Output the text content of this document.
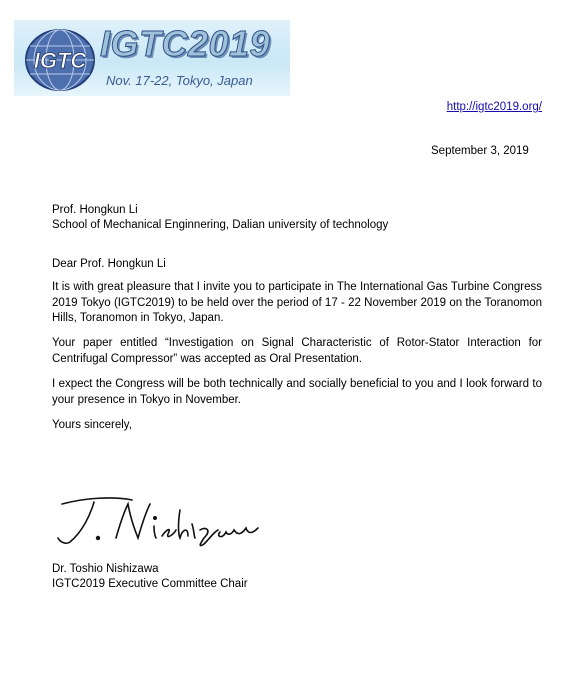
IGTC IGTC2019
Nov. 17-22, Tokyo, Japan
http://igtc2019.org/
September 3, 2019
Prof. Hongkun Li
School of Mechanical Enginnering, Dalian university of technology
Dear Prof. Hongkun Li

It is with great pleasure that I invite you to participate in The International Gas Turbine Congress 2019 Tokyo (IGTC2019) to be held over the period of 17 - 22 November 2019 on the Toranomon Hills, Toranomon in Tokyo, Japan.

Your paper entitled “Investigation on Signal Characteristic of Rotor-Stator Interaction for Centrifugal Compressor” was accepted as Oral Presentation.

I expect the Congress will be both technically and socially beneficial to you and I look forward to your presence in Tokyo in November.

Yours sincerely,
Dr. Toshio Nishizawa
IGTC2019 Executive Committee Chair
